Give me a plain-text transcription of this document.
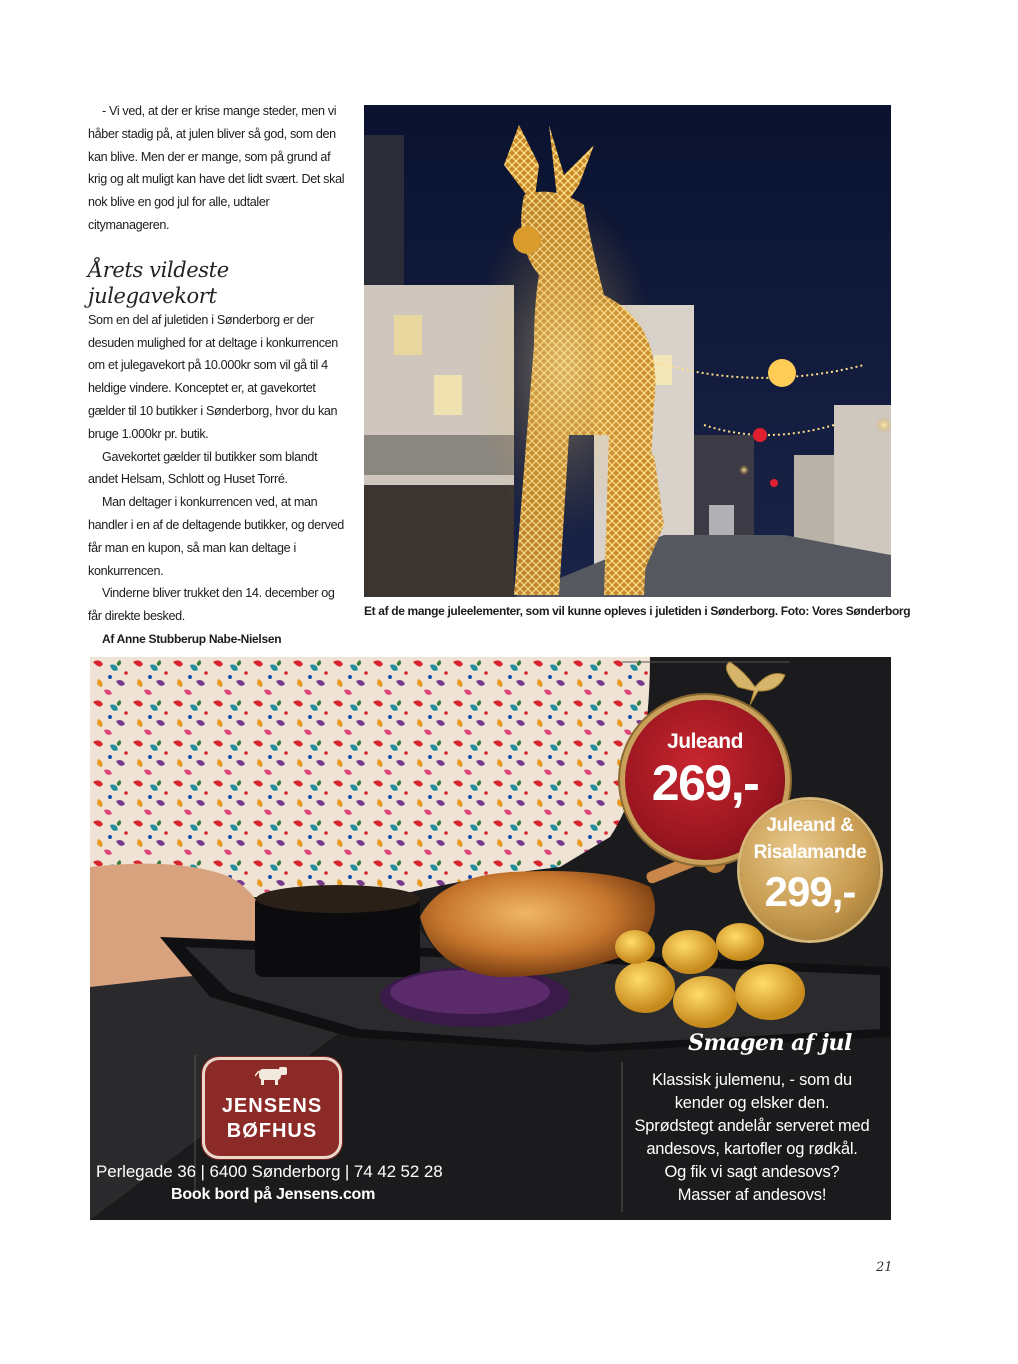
- Vi ved, at der er krise mange steder, men vi håber stadig på, at julen bliver så god, som den kan blive. Men der er mange, som på grund af krig og alt muligt kan have det lidt svært. Det skal nok blive en god jul for alle, udtaler citymanageren.

Årets vildeste julegavekort

Som en del af juletiden i Sønderborg er der desuden mulighed for at deltage i konkurrencen om et julegavekort på 10.000kr som vil gå til 4 heldige vindere. Konceptet er, at gavekortet gælder til 10 butikker i Sønderborg, hvor du kan bruge 1.000kr pr. butik.

Gavekortet gælder til butikker som blandt andet Helsam, Schlott og Huset Torré.

Man deltager i konkurrencen ved, at man handler i en af de deltagende butikker, og derved får man en kupon, så man kan deltage i konkurrencen.

Vinderne bliver trukket den 14. december og får direkte besked.

Af Anne Stubberup Nabe-Nielsen

Et af de mange juleelementer, som vil kunne opleves i juletiden i Sønderborg. Foto: Vores Sønderborg
Juleand
269,-
Juleand &
Risalamande
299,-
Smagen af jul
Klassisk julemenu, - som du
kender og elsker den.
Sprødstegt andelår serveret med
andesovs, kartofler og rødkål.
Og fik vi sagt andesovs?
Masser af andesovs!
JENSENS
BØFHUS
Perlegade 36 | 6400 Sønderborg | 74 42 52 28
Book bord på Jensens.com
21
